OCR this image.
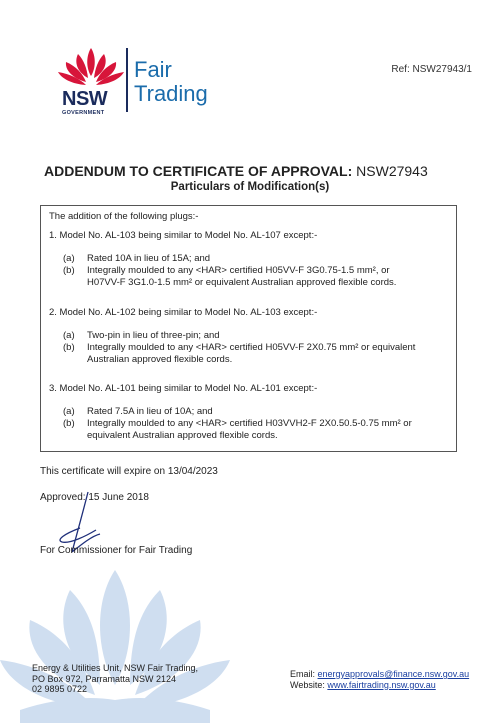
NSW
GOVERNMENT
Fair
Trading
Ref: NSW27943/1
ADDENDUM TO CERTIFICATE OF APPROVAL: NSW27943
Particulars of Modification(s)
The addition of the following plugs:-
1. Model No. AL-103 being similar to Model No. AL-107 except:-
(a)	Rated 10A in lieu of 15A; and
(b)	Integrally moulded to any <HAR> certified H05VV-F 3G0.75-1.5 mm², or H07VV-F 3G1.0-1.5 mm² or equivalent Australian approved flexible cords.
2. Model No. AL-102 being similar to Model No. AL-103 except:-
(a)	Two-pin in lieu of three-pin; and
(b)	Integrally moulded to any <HAR> certified H05VV-F 2X0.75 mm² or equivalent Australian approved flexible cords.
3. Model No. AL-101 being similar to Model No. AL-101 except:-
(a)	Rated 7.5A in lieu of 10A; and
(b)	Integrally moulded to any <HAR> certified H03VVH2-F 2X0.50.5-0.75 mm² or equivalent Australian approved flexible cords.
This certificate will expire on 13/04/2023
Approved: 15 June 2018
For Commissioner for Fair Trading
Energy & Utilities Unit, NSW Fair Trading,
PO Box 972, Parramatta NSW 2124
02 9895 0722
Email: energyapprovals@finance.nsw.gov.au
Website: www.fairtrading.nsw.gov.au
